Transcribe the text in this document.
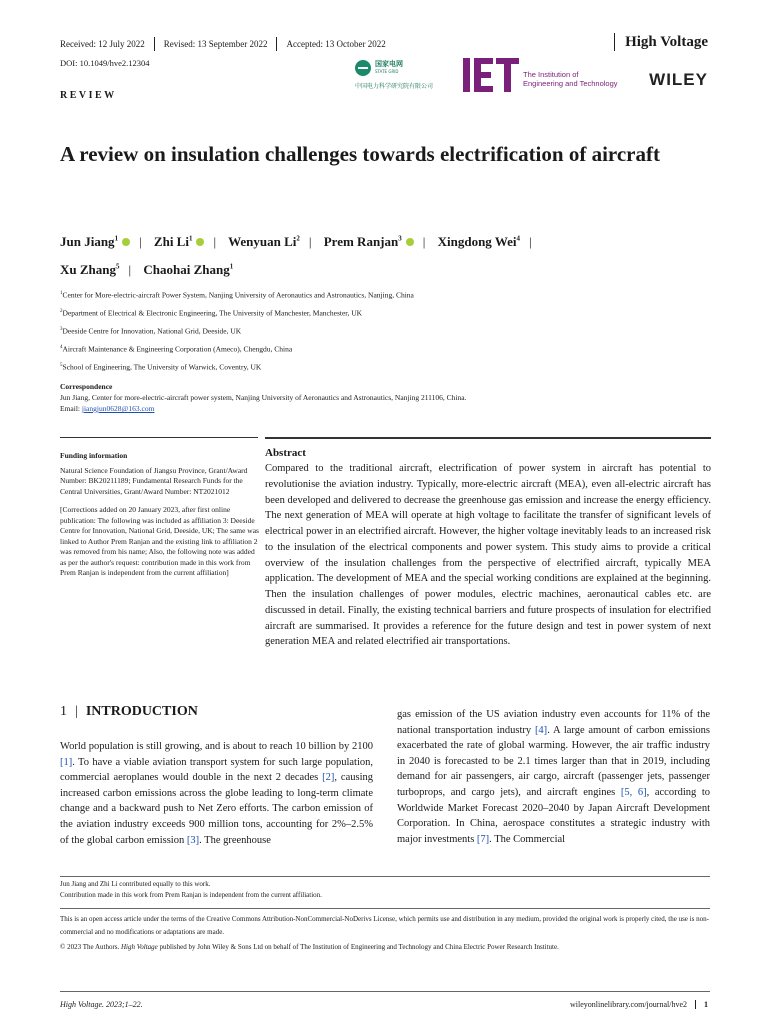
Received: 12 July 2022	Revised: 13 September 2022	Accepted: 13 October 2022	High Voltage
DOI: 10.1049/hve2.12304
REVIEW
国家电网
STATE GRID
中国电力科学研究院有限公司
The Institution of
Engineering and Technology WILEY
A review on insulation challenges towards electrification of aircraft
Jun Jiang$^1$ | Zhi Li$^1$ | Wenyuan Li$^2$ | Prem Ranjan$^3$ | Xingdong Wei$^4$ |
Xu Zhang$^5$ | Chaohai Zhang$^1$
$^1$Center for More-electric-aircraft Power System, Nanjing University of Aeronautics and Astronautics, Nanjing, China
$^2$Department of Electrical & Electronic Engineering, The University of Manchester, Manchester, UK
$^3$Deeside Centre for Innovation, National Grid, Deeside, UK
$^4$Aircraft Maintenance & Engineering Corporation (Ameco), Chengdu, China
$^5$School of Engineering, The University of Warwick, Coventry, UK
Correspondence
Jun Jiang, Center for more-electric-aircraft power system, Nanjing University of Aeronautics and Astronautics, Nanjing 211106, China.
Email: jiangjun0628@163.com
Funding information

Natural Science Foundation of Jiangsu Province, Grant/Award Number: BK20211189; Fundamental Research Funds for the Central Universities, Grant/Award Number: NT2021012

[Corrections added on 20 January 2023, after first online publication: The following was included as affiliation 3: Deeside Centre for Innovation, National Grid, Deeside, UK; The same was linked to Author Prem Ranjan and the existing link to affiliation 2 was removed from his name; Also, the following note was added as per the author's request: contribution made in this work from Prem Ranjan is independent from the current affiliation]

Abstract
Compared to the traditional aircraft, electrification of power system in aircraft has potential to revolutionise the aviation industry. Typically, more-electric aircraft (MEA), even all-electric aircraft has been developed and delivered to decrease the greenhouse gas emission and increase the energy efficiency. The next generation of MEA will operate at high voltage to facilitate the transfer of significant levels of electrical power in an electrified aircraft. However, the higher voltage inevitably leads to an increased risk to the insulation of the electrical components and power system. This study aims to provide a critical overview of the insulation challenges from the perspective of electrified aircraft, typically MEA application. The development of MEA and the special working conditions are explained at the beginning. Then the insulation challenges of power modules, electric machines, aeronautical cables etc. are discussed in detail. Finally, the existing technical barriers and future prospects of insulation for electrified aircraft are summarised. It provides a reference for the future design and test in power system of next generation MEA and related electrified air transportations.
1 | INTRODUCTION
World population is still growing, and is about to reach 10 billion by 2100 [1]. To have a viable aviation transport system for such large population, commercial aeroplanes would double in the next 2 decades [2], causing increased carbon emissions across the globe leading to long-term climate change and a backward push to Net Zero efforts. The carbon emission of the aviation industry exceeds 900 million tons, accounting for 2%–2.5% of the global carbon emission [3]. The greenhouse
gas emission of the US aviation industry even accounts for 11% of the national transportation industry [4]. A large amount of carbon emissions exacerbated the rate of global warming. However, the air traffic industry in 2040 is forecasted to be 2.1 times larger than that in 2019, including demand for air passengers, air cargo, aircraft (passenger jets, passenger turboprops, and cargo jets), and aircraft engines [5, 6], according to Worldwide Market Forecast 2020–2040 by Japan Aircraft Development Corporation. In China, aerospace constitutes a strategic industry with major investments [7]. The Commercial
Jun Jiang and Zhi Li contributed equally to this work.
Contribution made in this work from Prem Ranjan is independent from the current affiliation.
This is an open access article under the terms of the Creative Commons Attribution-NonCommercial-NoDerivs License, which permits use and distribution in any medium, provided the original work is properly cited, the use is non-commercial and no modifications or adaptations are made.
© 2023 The Authors. High Voltage published by John Wiley & Sons Ltd on behalf of The Institution of Engineering and Technology and China Electric Power Research Institute.
High Voltage. 2023;1–22.	wileyonlinelibrary.com/journal/hve2 1
